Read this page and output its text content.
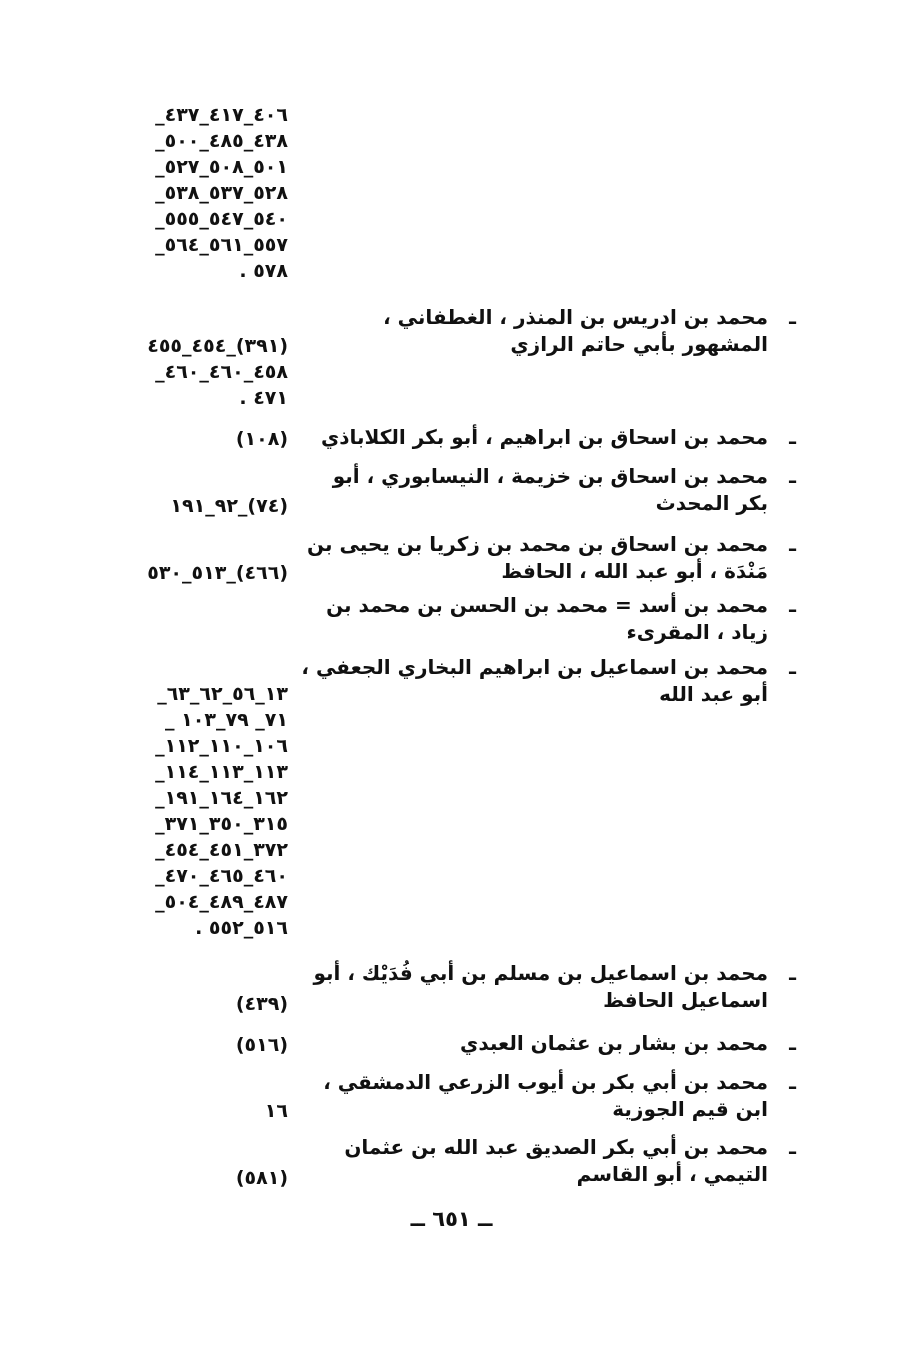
٤٠٦_٤١٧_٤٣٧_
٤٣٨_٤٨٥_٥٠٠_
٥٠١_٥٠٨_٥٢٧_
٥٢٨_٥٣٧_٥٣٨_
٥٤٠_٥٤٧_٥٥٥_
٥٥٧_٥٦١_٥٦٤_
٥٧٨ .
ـ
محمد بن ادريس بن المنذر ، الغطفاني ، المشهور بأبي حاتم الرازي
(٣٩١)_٤٥٤_٤٥٥
٤٥٨_٤٦٠_٤٦٠_
٤٧١ .
ـ
محمد بن اسحاق بن ابراهيم ، أبو بكر الكلاباذي
(١٠٨)
ـ
محمد بن اسحاق بن خزيمة ، النيسابوري ، أبو بكر المحدث
(٧٤)_٩٢_١٩١
ـ
محمد بن اسحاق بن محمد بن زكريا بن يحيى بن مَنْدَة ، أبو عبد الله ، الحافظ
(٤٦٦)_٥١٣_٥٣٠
ـ
محمد بن أسد = محمد بن الحسن بن محمد بن زياد ، المقرىء
ـ
محمد بن اسماعيل بن ابراهيم البخاري الجعفي ، أبو عبد الله
١٣_٥٦_٦٢_٦٣_
٧١_ ٧٩_١٠٣ _
١٠٦_١١٠_١١٢_
١١٣_١١٣_١١٤_
١٦٢_١٦٤_١٩١_
٣١٥_٣٥٠_٣٧١_
٣٧٢_٤٥١_٤٥٤_
٤٦٠_٤٦٥_٤٧٠_
٤٨٧_٤٨٩_٥٠٤_
٥١٦_٥٥٢ .
ـ
محمد بن اسماعيل بن مسلم بن أبي فُدَيْك ، أبو اسماعيل الحافظ
(٤٣٩)
ـ
محمد بن بشار بن عثمان العبدي
(٥١٦)
ـ
محمد بن أبي بكر بن أيوب الزرعي الدمشقي ، ابن قيم الجوزية
١٦
ـ
محمد بن أبي بكر الصديق عبد الله بن عثمان التيمي ، أبو القاسم
(٥٨١)
ــ ٦٥١ ــ
